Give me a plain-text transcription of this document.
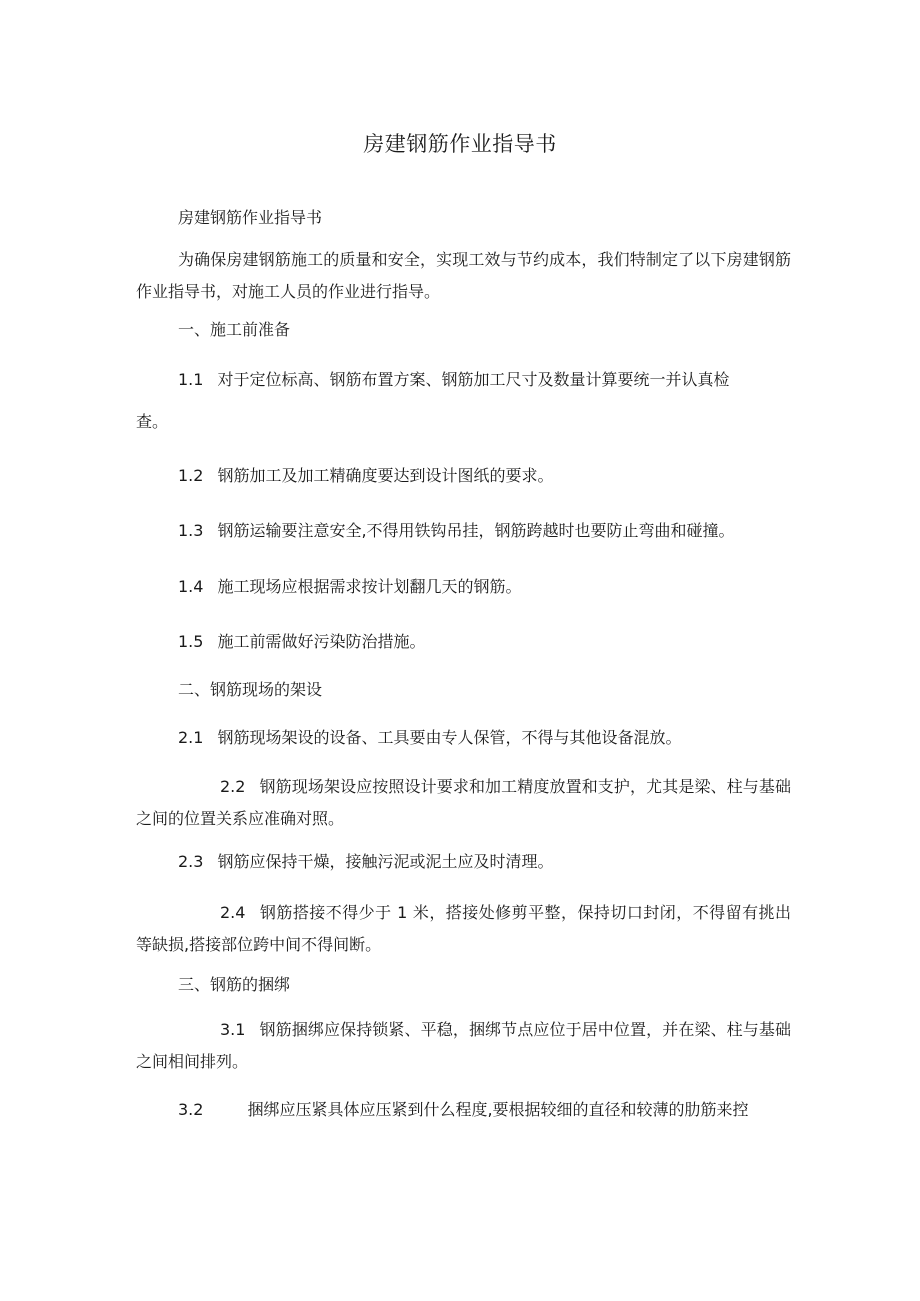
房建钢筋作业指导书
房建钢筋作业指导书
为确保房建钢筋施工的质量和安全，实现工效与节约成本，我们特制定了以下房建钢筋作业指导书，对施工人员的作业进行指导。
一、施工前准备
1.1 对于定位标高、钢筋布置方案、钢筋加工尺寸及数量计算要统一并认真检
查。
1.2 钢筋加工及加工精确度要达到设计图纸的要求。
1.3 钢筋运输要注意安全,不得用铁钩吊挂，钢筋跨越时也要防止弯曲和碰撞。
1.4 施工现场应根据需求按计划翻几天的钢筋。
1.5 施工前需做好污染防治措施。
二、钢筋现场的架设
2.1 钢筋现场架设的设备、工具要由专人保管，不得与其他设备混放。
2.2 钢筋现场架设应按照设计要求和加工精度放置和支护，尤其是梁、柱与基础之间的位置关系应准确对照。
2.3 钢筋应保持干燥，接触污泥或泥土应及时清理。
2.4 钢筋搭接不得少于 1 米，搭接处修剪平整，保持切口封闭，不得留有挑出等缺损,搭接部位跨中间不得间断。
三、钢筋的捆绑
3.1 钢筋捆绑应保持锁紧、平稳，捆绑节点应位于居中位置，并在梁、柱与基础之间相间排列。
3.2	捆绑应压紧具体应压紧到什么程度,要根据较细的直径和较薄的肋筋来控
